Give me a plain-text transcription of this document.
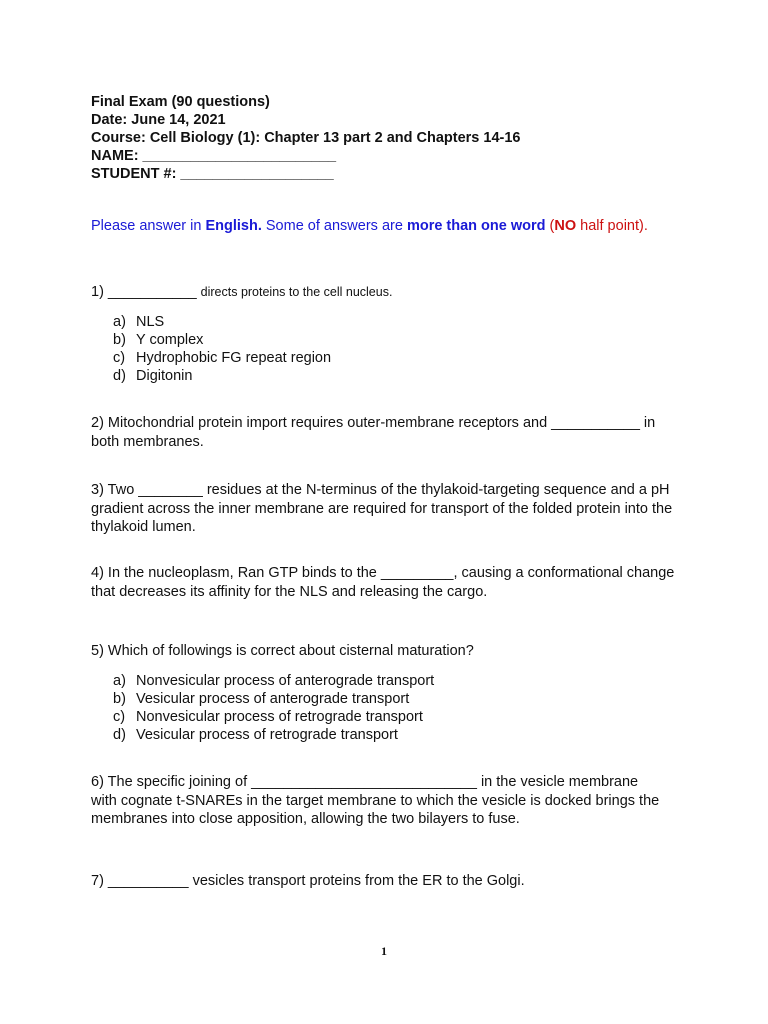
Final Exam (90 questions)
Date: June 14, 2021
Course: Cell Biology (1): Chapter 13 part 2 and Chapters 14-16
NAME: ________________________
STUDENT #: ___________________
Please answer in English. Some of answers are more than one word (NO half point).
1) ___________ directs proteins to the cell nucleus.
a) NLS
b) Y complex
c) Hydrophobic FG repeat region
d) Digitonin
2) Mitochondrial protein import requires outer-membrane receptors and ___________ in both membranes.
3) Two ________ residues at the N-terminus of the thylakoid-targeting sequence and a pH gradient across the inner membrane are required for transport of the folded protein into the thylakoid lumen.
4) In the nucleoplasm, Ran GTP binds to the _________, causing a conformational change that decreases its affinity for the NLS and releasing the cargo.
5) Which of followings is correct about cisternal maturation?
a) Nonvesicular process of anterograde transport
b) Vesicular process of anterograde transport
c) Nonvesicular process of retrograde transport
d) Vesicular process of retrograde transport
6) The specific joining of ____________________________ in the vesicle membrane with cognate t-SNAREs in the target membrane to which the vesicle is docked brings the membranes into close apposition, allowing the two bilayers to fuse.
7) __________ vesicles transport proteins from the ER to the Golgi.
1
